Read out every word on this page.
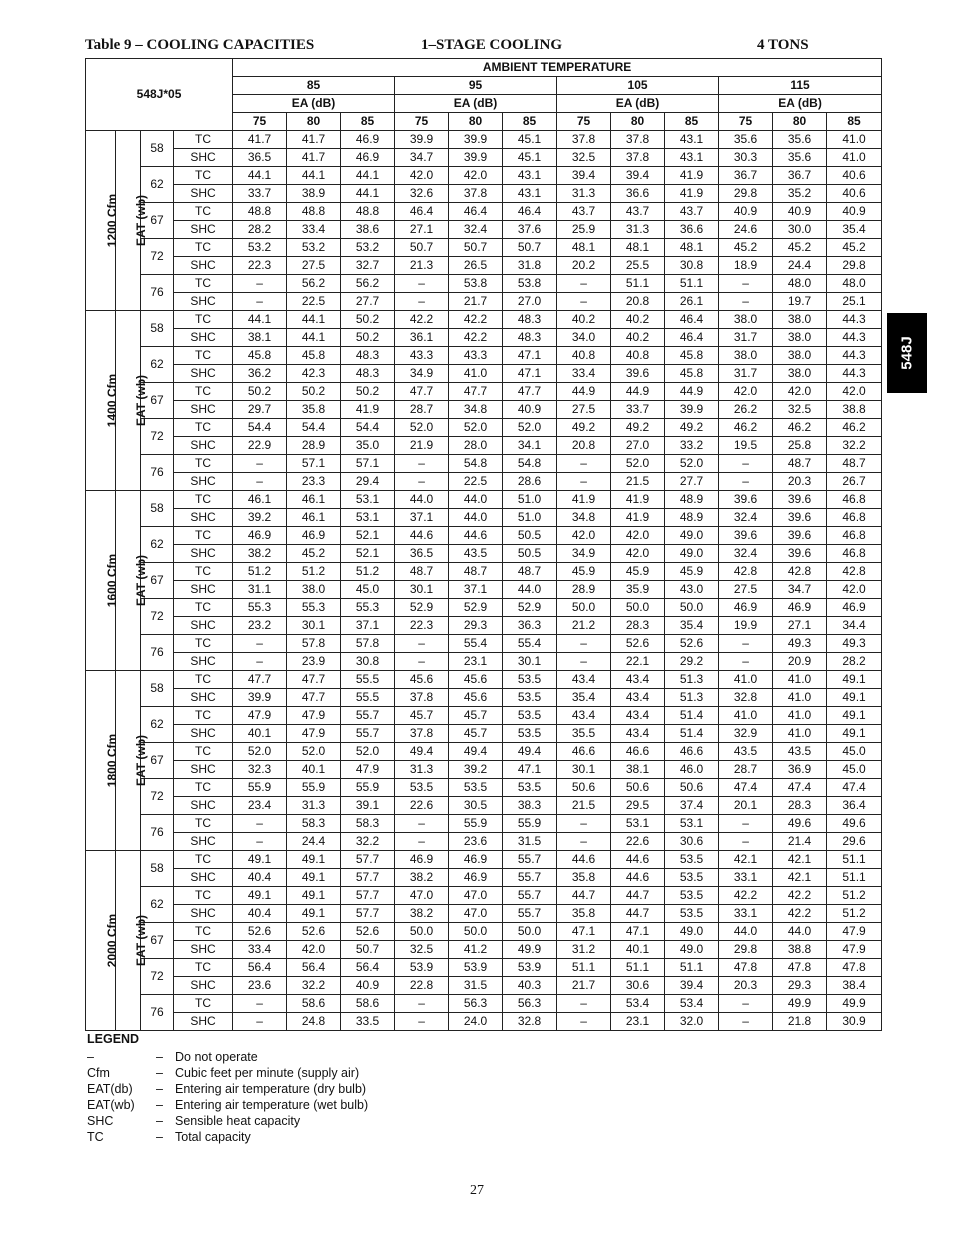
Table 9 – COOLING CAPACITIES	1–STAGE COOLING	4 TONS
548J*05				AMBIENT TEMPERATURE											
				85			95			105			115		
				EA (dB)			EA (dB)			EA (dB)			EA (dB)		
				75	80	85	75	80	85	75	80	85	75	80	85
1200 Cfm	EAT (wb)	58	TC	41.7	41.7	46.9	39.9	39.9	45.1	37.8	37.8	43.1	35.6	35.6	41.0
			SHC	36.5	41.7	46.9	34.7	39.9	45.1	32.5	37.8	43.1	30.3	35.6	41.0
		62	TC	44.1	44.1	44.1	42.0	42.0	43.1	39.4	39.4	41.9	36.7	36.7	40.6
			SHC	33.7	38.9	44.1	32.6	37.8	43.1	31.3	36.6	41.9	29.8	35.2	40.6
		67	TC	48.8	48.8	48.8	46.4	46.4	46.4	43.7	43.7	43.7	40.9	40.9	40.9
			SHC	28.2	33.4	38.6	27.1	32.4	37.6	25.9	31.3	36.6	24.6	30.0	35.4
		72	TC	53.2	53.2	53.2	50.7	50.7	50.7	48.1	48.1	48.1	45.2	45.2	45.2
			SHC	22.3	27.5	32.7	21.3	26.5	31.8	20.2	25.5	30.8	18.9	24.4	29.8
		76	TC	–	56.2	56.2	–	53.8	53.8	–	51.1	51.1	–	48.0	48.0
			SHC	–	22.5	27.7	–	21.7	27.0	–	20.8	26.1	–	19.7	25.1
1400 Cfm	EAT (wb)	58	TC	44.1	44.1	50.2	42.2	42.2	48.3	40.2	40.2	46.4	38.0	38.0	44.3
			SHC	38.1	44.1	50.2	36.1	42.2	48.3	34.0	40.2	46.4	31.7	38.0	44.3
		62	TC	45.8	45.8	48.3	43.3	43.3	47.1	40.8	40.8	45.8	38.0	38.0	44.3
			SHC	36.2	42.3	48.3	34.9	41.0	47.1	33.4	39.6	45.8	31.7	38.0	44.3
		67	TC	50.2	50.2	50.2	47.7	47.7	47.7	44.9	44.9	44.9	42.0	42.0	42.0
			SHC	29.7	35.8	41.9	28.7	34.8	40.9	27.5	33.7	39.9	26.2	32.5	38.8
		72	TC	54.4	54.4	54.4	52.0	52.0	52.0	49.2	49.2	49.2	46.2	46.2	46.2
			SHC	22.9	28.9	35.0	21.9	28.0	34.1	20.8	27.0	33.2	19.5	25.8	32.2
		76	TC	–	57.1	57.1	–	54.8	54.8	–	52.0	52.0	–	48.7	48.7
			SHC	–	23.3	29.4	–	22.5	28.6	–	21.5	27.7	–	20.3	26.7
1600 Cfm	EAT (wb)	58	TC	46.1	46.1	53.1	44.0	44.0	51.0	41.9	41.9	48.9	39.6	39.6	46.8
			SHC	39.2	46.1	53.1	37.1	44.0	51.0	34.8	41.9	48.9	32.4	39.6	46.8
		62	TC	46.9	46.9	52.1	44.6	44.6	50.5	42.0	42.0	49.0	39.6	39.6	46.8
			SHC	38.2	45.2	52.1	36.5	43.5	50.5	34.9	42.0	49.0	32.4	39.6	46.8
		67	TC	51.2	51.2	51.2	48.7	48.7	48.7	45.9	45.9	45.9	42.8	42.8	42.8
			SHC	31.1	38.0	45.0	30.1	37.1	44.0	28.9	35.9	43.0	27.5	34.7	42.0
		72	TC	55.3	55.3	55.3	52.9	52.9	52.9	50.0	50.0	50.0	46.9	46.9	46.9
			SHC	23.2	30.1	37.1	22.3	29.3	36.3	21.2	28.3	35.4	19.9	27.1	34.4
		76	TC	–	57.8	57.8	–	55.4	55.4	–	52.6	52.6	–	49.3	49.3
			SHC	–	23.9	30.8	–	23.1	30.1	–	22.1	29.2	–	20.9	28.2
1800 Cfm	EAT (wb)	58	TC	47.7	47.7	55.5	45.6	45.6	53.5	43.4	43.4	51.3	41.0	41.0	49.1
			SHC	39.9	47.7	55.5	37.8	45.6	53.5	35.4	43.4	51.3	32.8	41.0	49.1
		62	TC	47.9	47.9	55.7	45.7	45.7	53.5	43.4	43.4	51.4	41.0	41.0	49.1
			SHC	40.1	47.9	55.7	37.8	45.7	53.5	35.5	43.4	51.4	32.9	41.0	49.1
		67	TC	52.0	52.0	52.0	49.4	49.4	49.4	46.6	46.6	46.6	43.5	43.5	45.0
			SHC	32.3	40.1	47.9	31.3	39.2	47.1	30.1	38.1	46.0	28.7	36.9	45.0
		72	TC	55.9	55.9	55.9	53.5	53.5	53.5	50.6	50.6	50.6	47.4	47.4	47.4
			SHC	23.4	31.3	39.1	22.6	30.5	38.3	21.5	29.5	37.4	20.1	28.3	36.4
		76	TC	–	58.3	58.3	–	55.9	55.9	–	53.1	53.1	–	49.6	49.6
			SHC	–	24.4	32.2	–	23.6	31.5	–	22.6	30.6	–	21.4	29.6
2000 Cfm	EAT (wb)	58	TC	49.1	49.1	57.7	46.9	46.9	55.7	44.6	44.6	53.5	42.1	42.1	51.1
			SHC	40.4	49.1	57.7	38.2	46.9	55.7	35.8	44.6	53.5	33.1	42.1	51.1
		62	TC	49.1	49.1	57.7	47.0	47.0	55.7	44.7	44.7	53.5	42.2	42.2	51.2
			SHC	40.4	49.1	57.7	38.2	47.0	55.7	35.8	44.7	53.5	33.1	42.2	51.2
		67	TC	52.6	52.6	52.6	50.0	50.0	50.0	47.1	47.1	49.0	44.0	44.0	47.9
			SHC	33.4	42.0	50.7	32.5	41.2	49.9	31.2	40.1	49.0	29.8	38.8	47.9
		72	TC	56.4	56.4	56.4	53.9	53.9	53.9	51.1	51.1	51.1	47.8	47.8	47.8
			SHC	23.6	32.2	40.9	22.8	31.5	40.3	21.7	30.6	39.4	20.3	29.3	38.4
		76	TC	–	58.6	58.6	–	56.3	56.3	–	53.4	53.4	–	49.9	49.9
			SHC	–	24.8	33.5	–	24.0	32.8	–	23.1	32.0	–	21.8	30.9
548J
LEGEND
–	– Do not operate
Cfm	– Cubic feet per minute (supply air)
EAT(db) – Entering air temperature (dry bulb)
EAT(wb) – Entering air temperature (wet bulb)
SHC	– Sensible heat capacity
TC	– Total capacity
27
